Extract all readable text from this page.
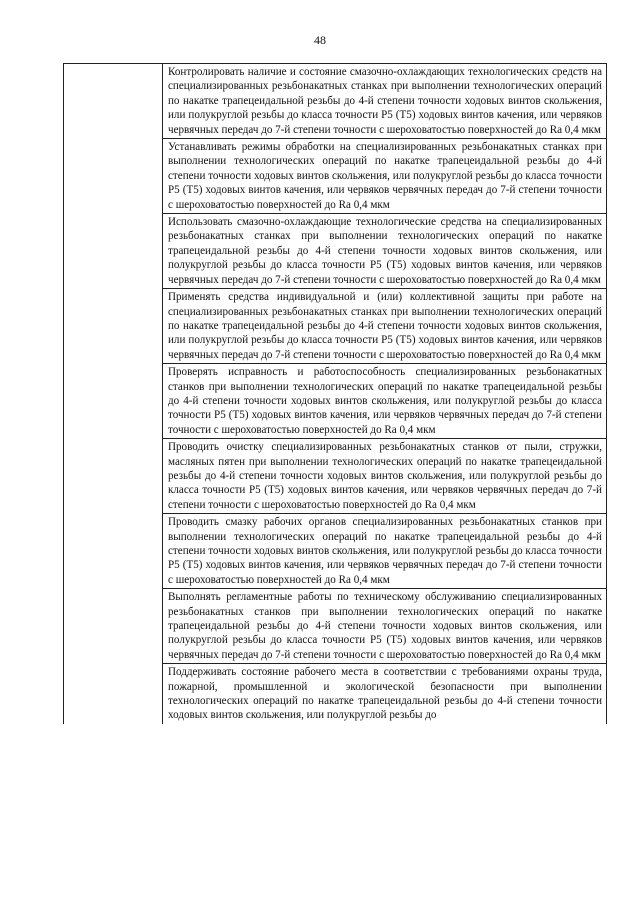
48

Контролировать наличие и состояние смазочно-охлаждающих технологических средств на специализированных резьбонакатных станках при выполнении технологических операций по накатке трапецеидальной резьбы до 4-й степени точности ходовых винтов скольжения, или полукруглой резьбы до класса точности Р5 (Т5) ходовых винтов качения, или червяков червячных передач до 7-й степени точности с шероховатостью поверхностей до Ra 0,4 мкм

Устанавливать режимы обработки на специализированных резьбонакатных станках при выполнении технологических операций по накатке трапецеидальной резьбы до 4-й степени точности ходовых винтов скольжения, или полукруглой резьбы до класса точности Р5 (Т5) ходовых винтов качения, или червяков червячных передач до 7-й степени точности с шероховатостью поверхностей до Ra 0,4 мкм

Использовать смазочно-охлаждающие технологические средства на специализированных резьбонакатных станках при выполнении технологических операций по накатке трапецеидальной резьбы до 4-й степени точности ходовых винтов скольжения, или полукруглой резьбы до класса точности Р5 (Т5) ходовых винтов качения, или червяков червячных передач до 7-й степени точности с шероховатостью поверхностей до Ra 0,4 мкм

Применять средства индивидуальной и (или) коллективной защиты при работе на специализированных резьбонакатных станках при выполнении технологических операций по накатке трапецеидальной резьбы до 4-й степени точности ходовых винтов скольжения, или полукруглой резьбы до класса точности Р5 (Т5) ходовых винтов качения, или червяков червячных передач до 7-й степени точности с шероховатостью поверхностей до Ra 0,4 мкм

Проверять исправность и работоспособность специализированных резьбонакатных станков при выполнении технологических операций по накатке трапецеидальной резьбы до 4-й степени точности ходовых винтов скольжения, или полукруглой резьбы до класса точности Р5 (Т5) ходовых винтов качения, или червяков червячных передач до 7-й степени точности с шероховатостью поверхностей до Ra 0,4 мкм

Проводить очистку специализированных резьбонакатных станков от пыли, стружки, масляных пятен при выполнении технологических операций по накатке трапецеидальной резьбы до 4-й степени точности ходовых винтов скольжения, или полукруглой резьбы до класса точности Р5 (Т5) ходовых винтов качения, или червяков червячных передач до 7-й степени точности с шероховатостью поверхностей до Ra 0,4 мкм

Проводить смазку рабочих органов специализированных резьбонакатных станков при выполнении технологических операций по накатке трапецеидальной резьбы до 4-й степени точности ходовых винтов скольжения, или полукруглой резьбы до класса точности Р5 (Т5) ходовых винтов качения, или червяков червячных передач до 7-й степени точности с шероховатостью поверхностей до Ra 0,4 мкм

Выполнять регламентные работы по техническому обслуживанию специализированных резьбонакатных станков при выполнении технологических операций по накатке трапецеидальной резьбы до 4-й степени точности ходовых винтов скольжения, или полукруглой резьбы до класса точности Р5 (Т5) ходовых винтов качения, или червяков червячных передач до 7-й степени точности с шероховатостью поверхностей до Ra 0,4 мкм

Поддерживать состояние рабочего места в соответствии с требованиями охраны труда, пожарной, промышленной и экологической безопасности при выполнении технологических операций по накатке трапецеидальной резьбы до 4-й степени точности ходовых винтов скольжения, или полукруглой резьбы до
